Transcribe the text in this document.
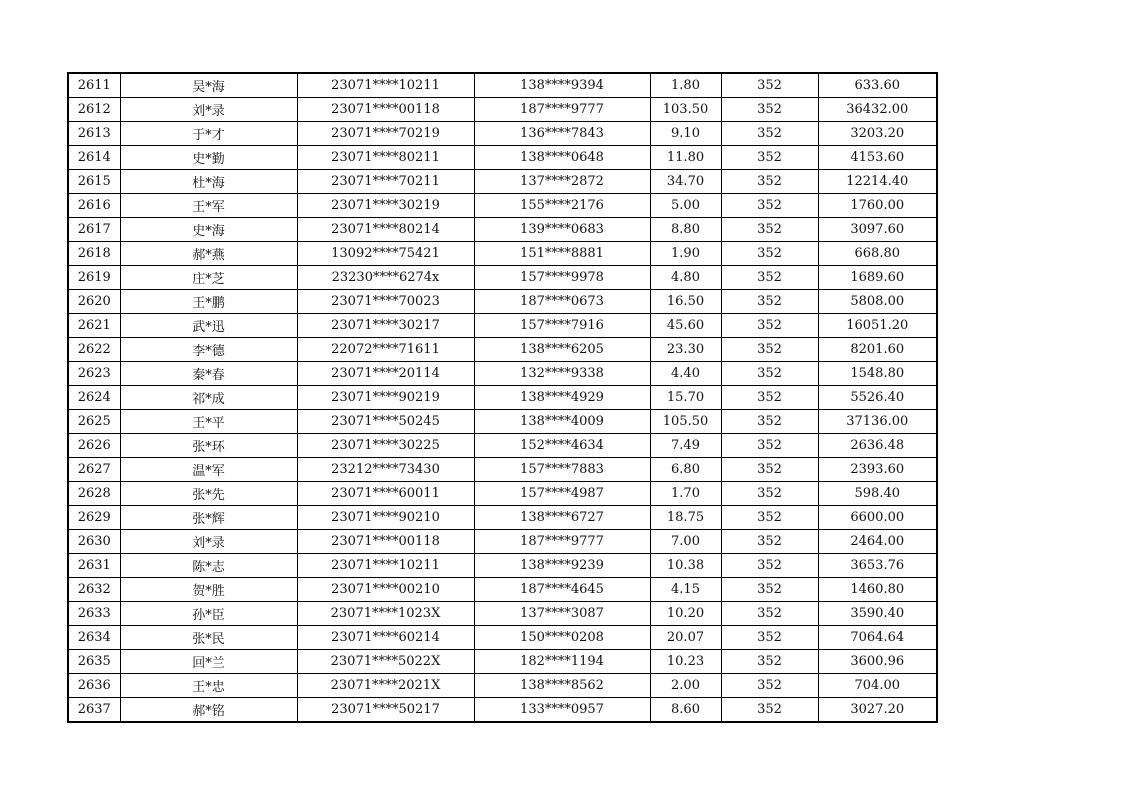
2611	吴*海	23071****10211	138****9394	1.80	352	633.60
2612	刘*录	23071****00118	187****9777	103.50	352	36432.00
2613	于*才	23071****70219	136****7843	9.10	352	3203.20
2614	史*勤	23071****80211	138****0648	11.80	352	4153.60
2615	杜*海	23071****70211	137****2872	34.70	352	12214.40
2616	王*军	23071****30219	155****2176	5.00	352	1760.00
2617	史*海	23071****80214	139****0683	8.80	352	3097.60
2618	郝*燕	13092****75421	151****8881	1.90	352	668.80
2619	庄*芝	23230****6274x	157****9978	4.80	352	1689.60
2620	王*鹏	23071****70023	187****0673	16.50	352	5808.00
2621	武*迅	23071****30217	157****7916	45.60	352	16051.20
2622	李*德	22072****71611	138****6205	23.30	352	8201.60
2623	秦*春	23071****20114	132****9338	4.40	352	1548.80
2624	祁*成	23071****90219	138****4929	15.70	352	5526.40
2625	王*平	23071****50245	138****4009	105.50	352	37136.00
2626	张*环	23071****30225	152****4634	7.49	352	2636.48
2627	温*军	23212****73430	157****7883	6.80	352	2393.60
2628	张*先	23071****60011	157****4987	1.70	352	598.40
2629	张*辉	23071****90210	138****6727	18.75	352	6600.00
2630	刘*录	23071****00118	187****9777	7.00	352	2464.00
2631	陈*志	23071****10211	138****9239	10.38	352	3653.76
2632	贺*胜	23071****00210	187****4645	4.15	352	1460.80
2633	孙*臣	23071****1023X	137****3087	10.20	352	3590.40
2634	张*民	23071****60214	150****0208	20.07	352	7064.64
2635	回*兰	23071****5022X	182****1194	10.23	352	3600.96
2636	王*忠	23071****2021X	138****8562	2.00	352	704.00
2637	郝*铭	23071****50217	133****0957	8.60	352	3027.20
